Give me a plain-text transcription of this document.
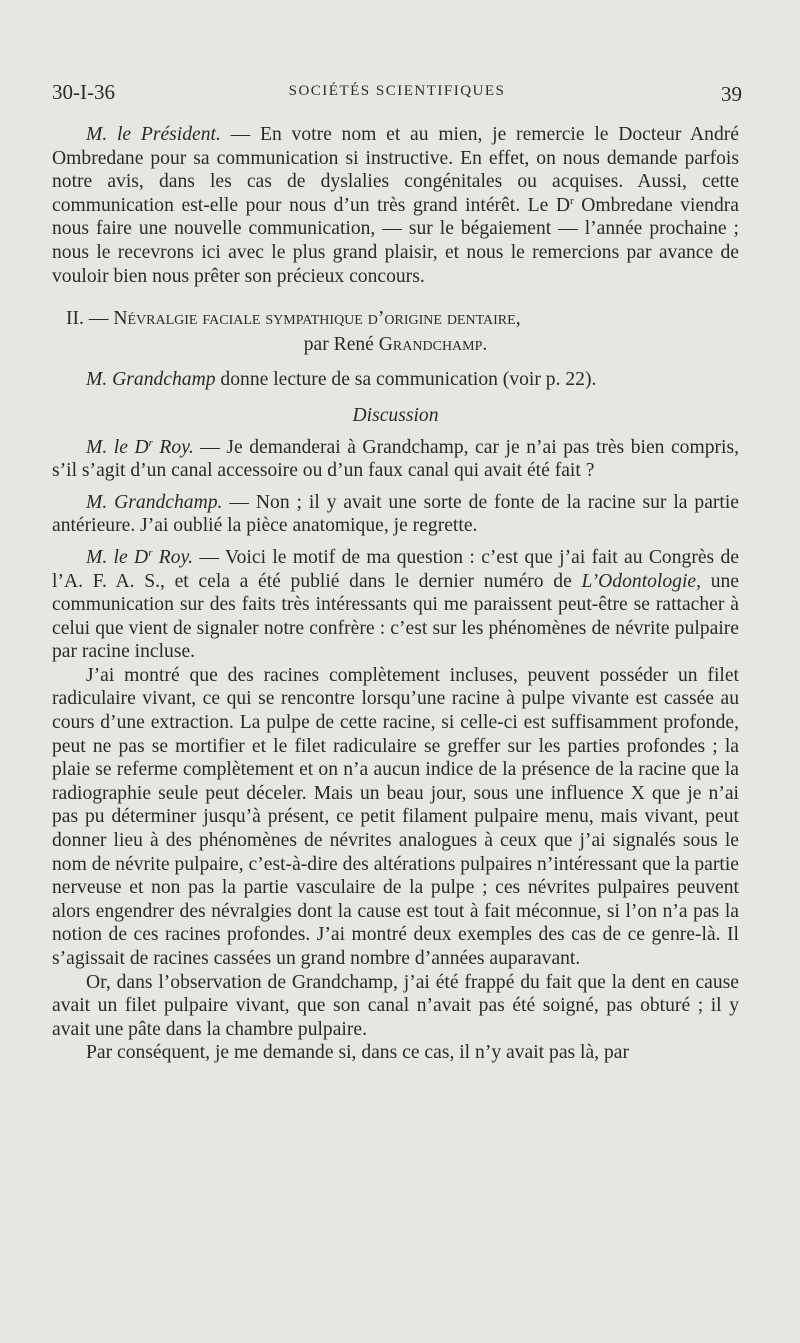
30-I-36	SOCIÉTÉS SCIENTIFIQUES	39

M. le Président. — En votre nom et au mien, je remercie le Docteur André Ombredane pour sa communication si instructive. En effet, on nous demande parfois notre avis, dans les cas de dyslalies congénitales ou acquises. Aussi, cette communication est-elle pour nous d’un très grand intérêt. Le $D^r$ Ombredane viendra nous faire une nouvelle communication, — sur le bégaiement — l’année prochaine ; nous le recevrons ici avec le plus grand plaisir, et nous le remercions par avance de vouloir bien nous prêter son précieux concours.

II. — Névralgie faciale sympathique d’origine dentaire,

par René Grandchamp.

M. Grandchamp donne lecture de sa communication (voir p. 22).

Discussion

M. le $D^r$ Roy. — Je demanderai à Grandchamp, car je n’ai pas très bien compris, s’il s’agit d’un canal accessoire ou d’un faux canal qui avait été fait ?

M. Grandchamp. — Non ; il y avait une sorte de fonte de la racine sur la partie antérieure. J’ai oublié la pièce anatomique, je regrette.

M. le $D^r$ Roy. — Voici le motif de ma question : c’est que j’ai fait au Congrès de l’A. F. A. S., et cela a été publié dans le dernier numéro de L’Odontologie, une communication sur des faits très intéressants qui me paraissent peut-être se rattacher à celui que vient de signaler notre confrère : c’est sur les phénomènes de névrite pulpaire par racine incluse.

J’ai montré que des racines complètement incluses, peuvent posséder un filet radiculaire vivant, ce qui se rencontre lorsqu’une racine à pulpe vivante est cassée au cours d’une extraction. La pulpe de cette racine, si celle-ci est suffisamment profonde, peut ne pas se mortifier et le filet radiculaire se greffer sur les parties profondes ; la plaie se referme complètement et on n’a aucun indice de la présence de la racine que la radiographie seule peut déceler. Mais un beau jour, sous une influence X que je n’ai pas pu déterminer jusqu’à présent, ce petit filament pulpaire menu, mais vivant, peut donner lieu à des phénomènes de névrites analogues à ceux que j’ai signalés sous le nom de névrite pulpaire, c’est-à-dire des altérations pulpaires n’intéressant que la partie nerveuse et non pas la partie vasculaire de la pulpe ; ces névrites pulpaires peuvent alors engendrer des névralgies dont la cause est tout à fait méconnue, si l’on n’a pas la notion de ces racines profondes. J’ai montré deux exemples des cas de ce genre-là. Il s’agissait de racines cassées un grand nombre d’années auparavant.

Or, dans l’observation de Grandchamp, j’ai été frappé du fait que la dent en cause avait un filet pulpaire vivant, que son canal n’avait pas été soigné, pas obturé ; il y avait une pâte dans la chambre pulpaire.

Par conséquent, je me demande si, dans ce cas, il n’y avait pas là, par
